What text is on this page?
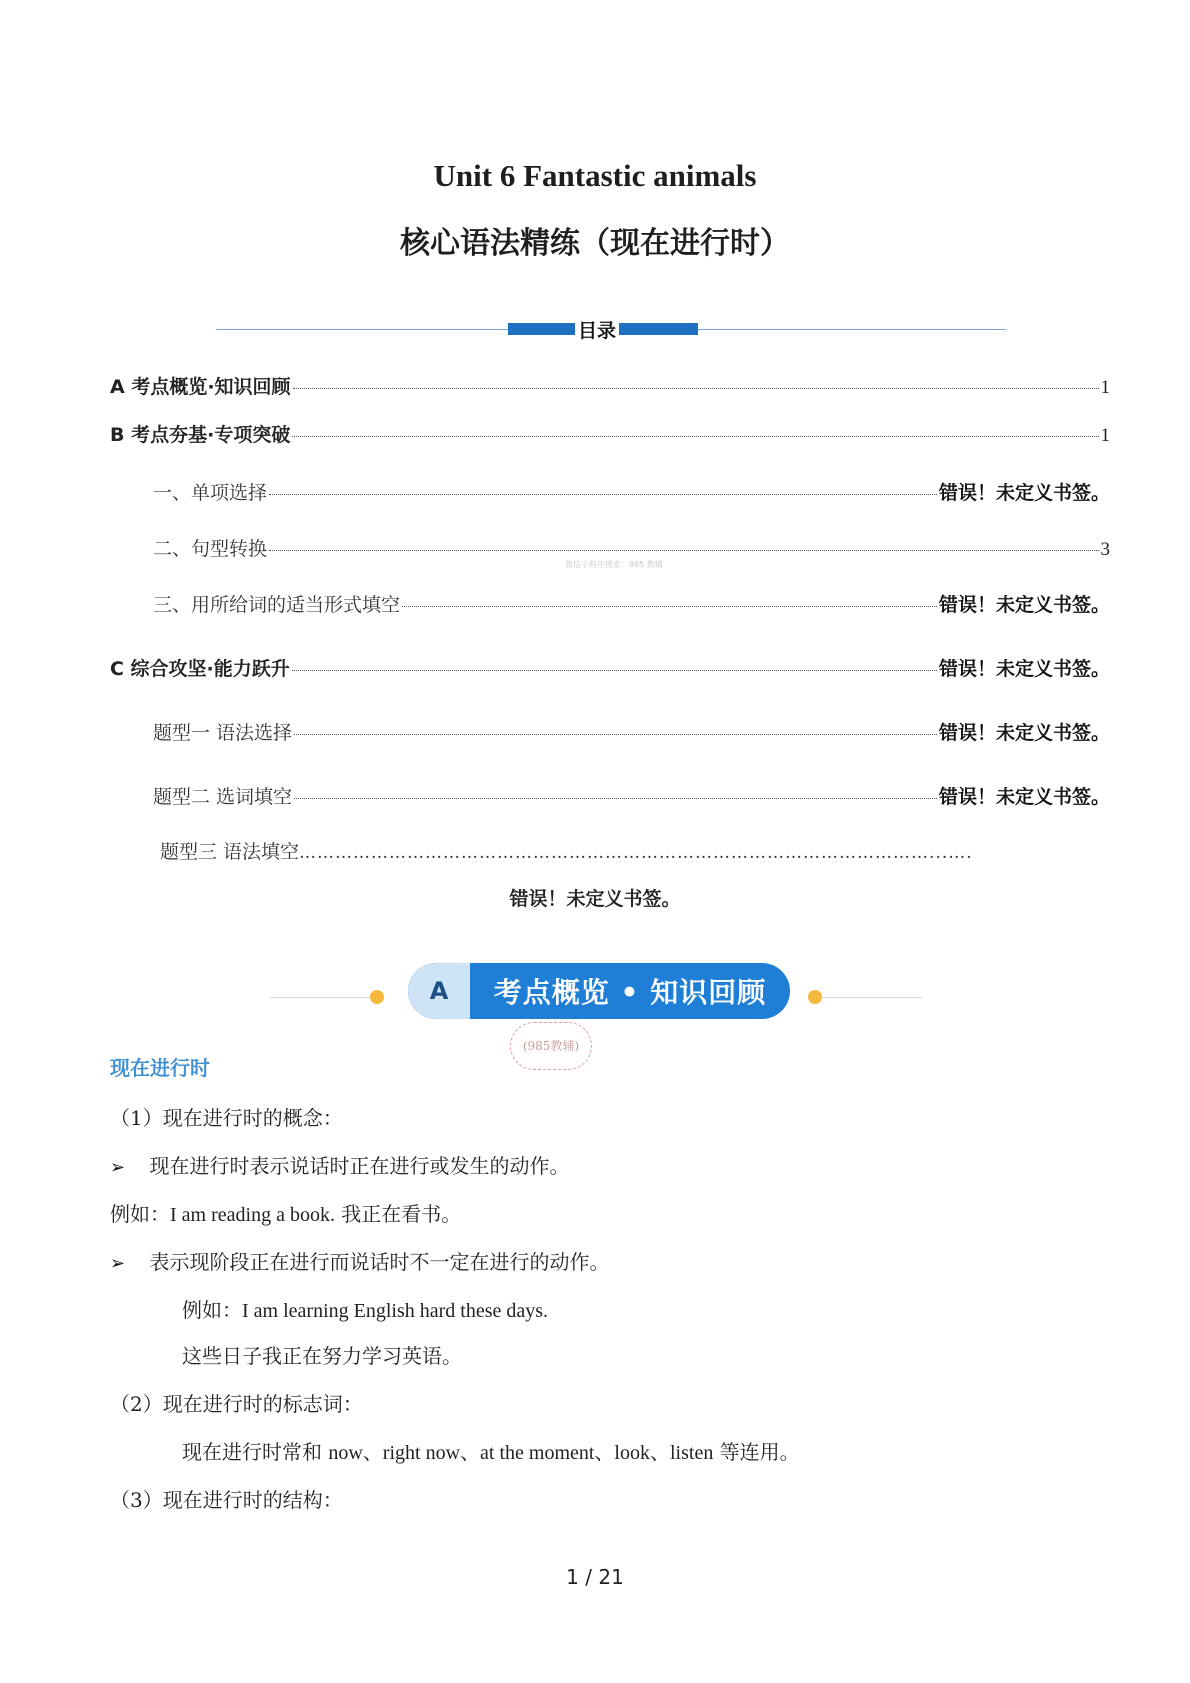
Unit 6 Fantastic animals
核心语法精练（现在进行时）
目录
A 考点概览·知识回顾	1
B 考点夯基·专项突破	1
一、单项选择	错误！未定义书签。
二、句型转换	3
微信小程序搜索：985 教辅
三、用所给词的适当形式填空	错误！未定义书签。
C 综合攻坚·能力跃升	错误！未定义书签。
题型一 语法选择	错误！未定义书签。
题型二 选词填空	错误！未定义书签。
题型三 语法填空 ……………………………………………………………………………………………...….
错误！未定义书签。
A	考点概览 • 知识回顾
(985教辅)
现在进行时
（1）现在进行时的概念：
➢ 现在进行时表示说话时正在进行或发生的动作。
例如：I am reading a book. 我正在看书。
➢ 表示现阶段正在进行而说话时不一定在进行的动作。
例如：I am learning English hard these days.
这些日子我正在努力学习英语。
（2）现在进行时的标志词：
现在进行时常和 now、right now、at the moment、look、listen 等连用。
（3）现在进行时的结构：
1 / 21
